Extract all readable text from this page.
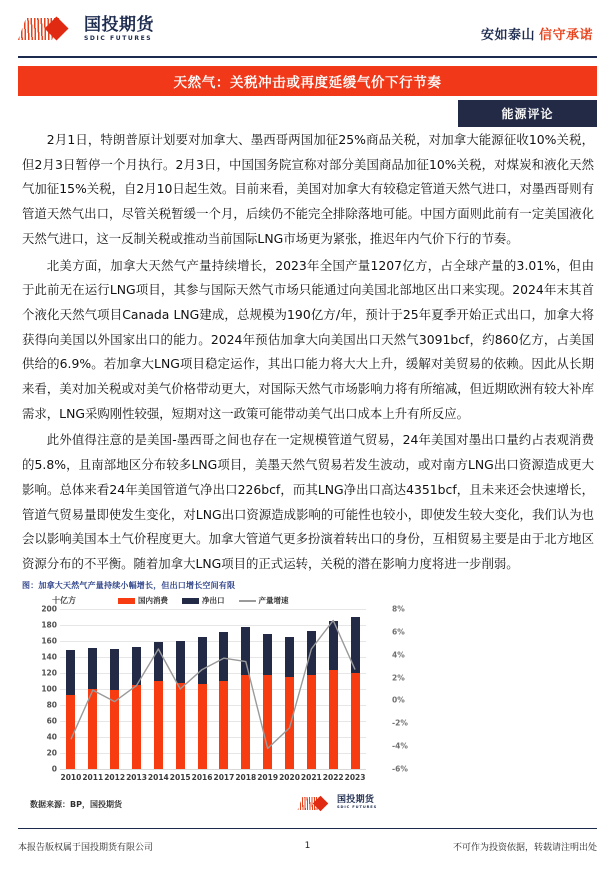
国投期货
SDIC FUTURES	安如泰山 信守承诺
天然气：关税冲击或再度延缓气价下行节奏
能源评论

2月1日，特朗普原计划要对加拿大、墨西哥两国加征25%商品关税，对加拿大能源征收10%关税，但2月3日暂停一个月执行。2月3日，中国国务院宣称对部分美国商品加征10%关税，对煤炭和液化天然气加征15%关税，自2月10日起生效。目前来看，美国对加拿大有较稳定管道天然气进口，对墨西哥则有管道天然气出口，尽管关税暂缓一个月，后续仍不能完全排除落地可能。中国方面则此前有一定美国液化天然气进口，这一反制关税或推动当前国际LNG市场更为紧张，推迟年内气价下行的节奏。

北美方面，加拿大天然气产量持续增长，2023年全国产量1207亿方，占全球产量的3.01%，但由于此前无在运行LNG项目，其参与国际天然气市场只能通过向美国北部地区出口来实现。2024年末其首个液化天然气项目Canada LNG建成，总规模为190亿方/年，预计于25年夏季开始正式出口，加拿大将获得向美国以外国家出口的能力。2024年预估加拿大向美国出口天然气3091bcf，约860亿方，占美国供给的6.9%。若加拿大LNG项目稳定运作，其出口能力将大大上升，缓解对美贸易的依赖。因此从长期来看，美对加关税或对美气价格带动更大，对国际天然气市场影响力将有所缩减，但近期欧洲有较大补库需求，LNG采购刚性较强，短期对这一政策可能带动美气出口成本上升有所反应。

此外值得注意的是美国-墨西哥之间也存在一定规模管道气贸易，24年美国对墨出口量约占表观消费的5.8%，且南部地区分布较多LNG项目，美墨天然气贸易若发生波动，或对南方LNG出口资源造成更大影响。总体来看24年美国管道气净出口226bcf，而其LNG净出口高达4351bcf，且未来还会快速增长，管道气贸易量即使发生变化，对LNG出口资源造成影响的可能性也较小，即使发生较大变化，我们认为也会以影响美国本土气价程度更大。加拿大管道气更多扮演着转出口的身份，互相贸易主要是由于北方地区资源分布的不平衡。随着加拿大LNG项目的正式运转，关税的潜在影响力度将进一步削弱。

图：加拿大天然气产量持续小幅增长，但出口增长空间有限
十亿方	国内消费	净出口	产量增速
0
20
40
60
80
100
120
140
160
180
200
-6%
-4%
-2%
0%
2%
4%
6%
8%
2010 2011 2012 2013 2014 2015 2016 2017 2018 2019 2020 2021 2022 2023
数据来源：BP，国投期货	国投期货
SDIC FUTURES
本报告版权属于国投期货有限公司	1	不可作为投资依据，转载请注明出处
